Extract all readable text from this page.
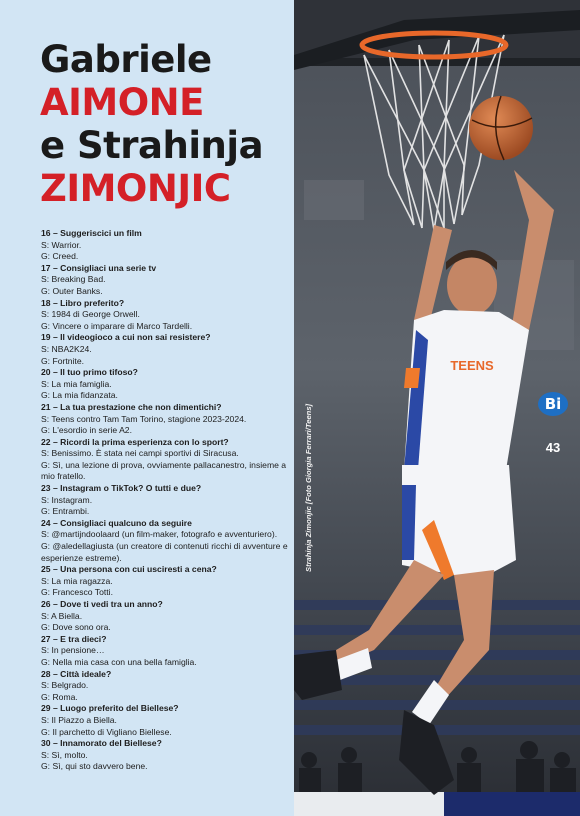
Gabriele
AIMONE
e Strahinja
ZIMONJIC
16 – Suggeriscici un film
S: Warrior.
G: Creed.
17 – Consigliaci una serie tv
S: Breaking Bad.
G: Outer Banks.
18 – Libro preferito?
S: 1984 di George Orwell.
G: Vincere o imparare di Marco Tardelli.
19 – Il videogioco a cui non sai resistere?
S: NBA2K24.
G: Fortnite.
20 – Il tuo primo tifoso?
S: La mia famiglia.
G: La mia fidanzata.
21 – La tua prestazione che non dimentichi?
S: Teens contro Tam Tam Torino, stagione 2023-2024.
G: L'esordio in serie A2.
22 – Ricordi la prima esperienza con lo sport?
S: Benissimo. È stata nei campi sportivi di Siracusa.
G: Sì, una lezione di prova, ovviamente pallacanestro, insieme a mio fratello.
23 – Instagram o TikTok? O tutti e due?
S: Instagram.
G: Entrambi.
24 – Consigliaci qualcuno da seguire
S: @martijndoolaard (un film-maker, fotografo e avventuriero).
G: @aledellagiusta (un creatore di contenuti ricchi di avventure e esperienze estreme).
25 – Una persona con cui usciresti a cena?
S: La mia ragazza.
G: Francesco Totti.
26 – Dove ti vedi tra un anno?
S: A Biella.
G: Dove sono ora.
27 – E tra dieci?
S: In pensione…
G: Nella mia casa con una bella famiglia.
28 – Città ideale?
S: Belgrado.
G: Roma.
29 – Luogo preferito del Biellese?
S: Il Piazzo a Biella.
G: Il parchetto di Vigliano Biellese.
30 – Innamorato del Biellese?
S: Sì, molto.
G: Sì, qui sto davvero bene.
TEENS
Strahinja Zimonjic [Foto Giorgia Ferrari/Teens]	Bi
43
